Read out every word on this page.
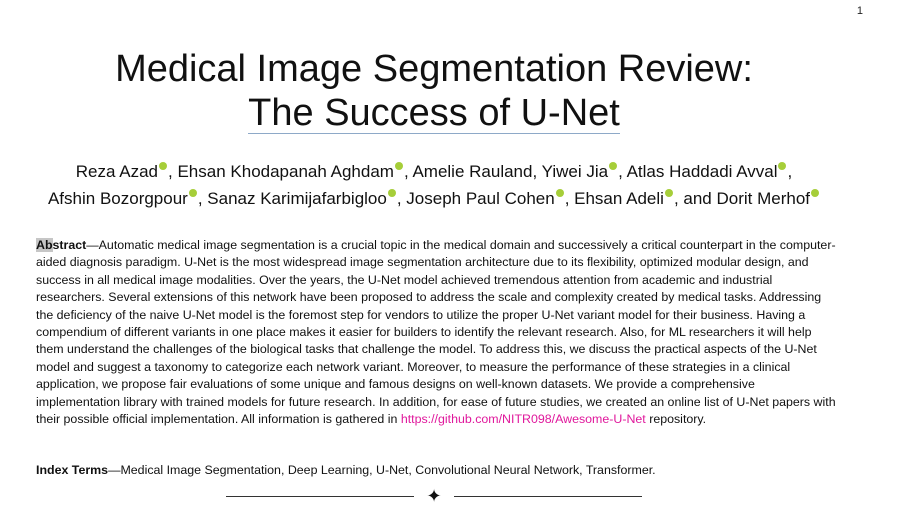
1
Medical Image Segmentation Review:
The Success of U-Net
Reza Azad , Ehsan Khodapanah Aghdam , Amelie Rauland, Yiwei Jia , Atlas Haddadi Avval ,
Afshin Bozorgpour , Sanaz Karimijafarbigloo , Joseph Paul Cohen , Ehsan Adeli , and Dorit Merhof
Abstract—Automatic medical image segmentation is a crucial topic in the medical domain and successively a critical counterpart in the computer-aided diagnosis paradigm. U-Net is the most widespread image segmentation architecture due to its flexibility, optimized modular design, and success in all medical image modalities. Over the years, the U-Net model achieved tremendous attention from academic and industrial researchers. Several extensions of this network have been proposed to address the scale and complexity created by medical tasks. Addressing the deficiency of the naive U-Net model is the foremost step for vendors to utilize the proper U-Net variant model for their business. Having a compendium of different variants in one place makes it easier for builders to identify the relevant research. Also, for ML researchers it will help them understand the challenges of the biological tasks that challenge the model. To address this, we discuss the practical aspects of the U-Net model and suggest a taxonomy to categorize each network variant. Moreover, to measure the performance of these strategies in a clinical application, we propose fair evaluations of some unique and famous designs on well-known datasets. We provide a comprehensive implementation library with trained models for future research. In addition, for ease of future studies, we created an online list of U-Net papers with their possible official implementation. All information is gathered in https://github.com/NITR098/Awesome-U-Net repository.
Index Terms—Medical Image Segmentation, Deep Learning, U-Net, Convolutional Neural Network, Transformer.
✦
